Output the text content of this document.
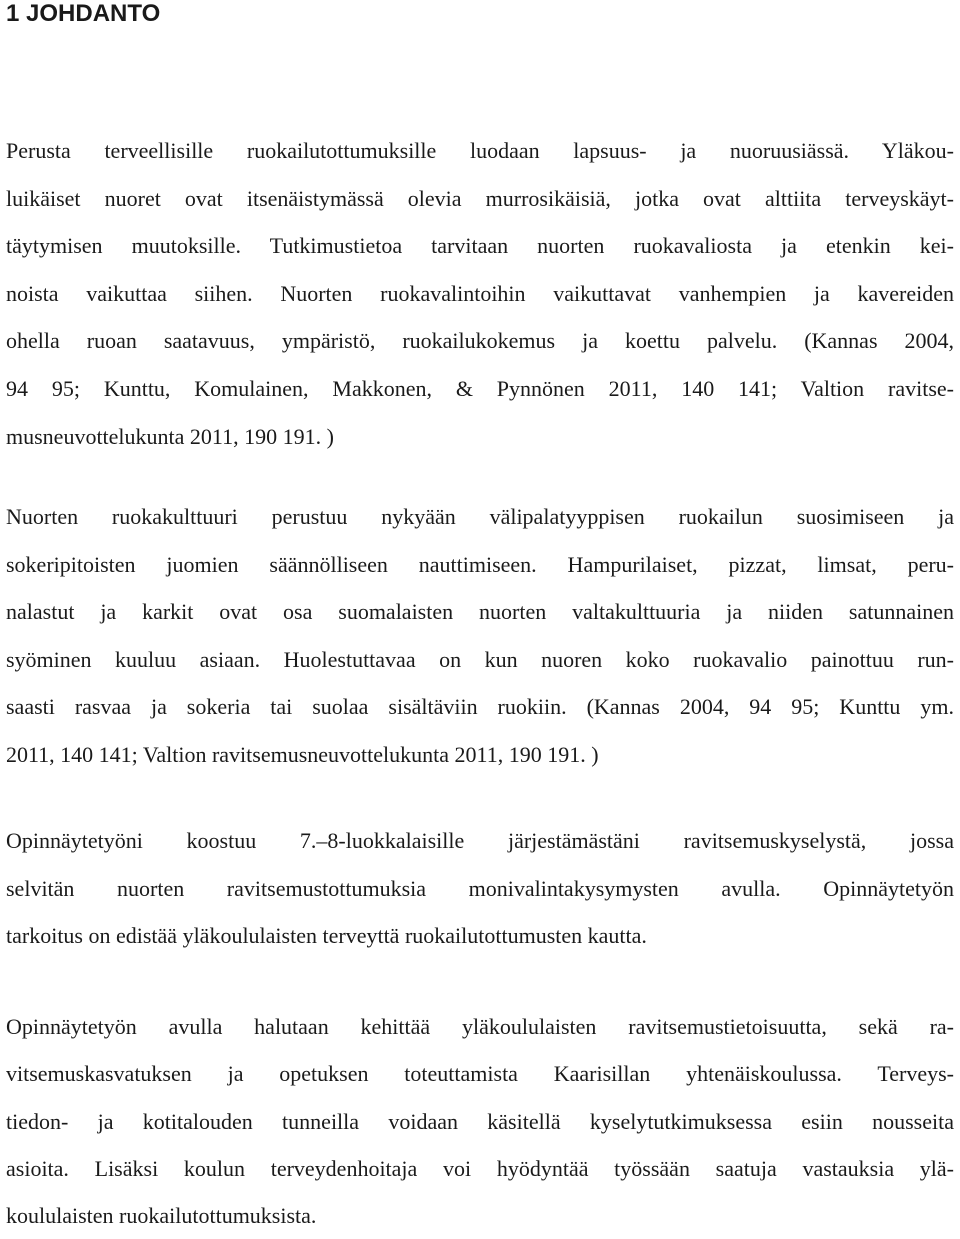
1 JOHDANTO

Perusta terveellisille ruokailutottumuksille luodaan lapsuus- ja nuoruusiässä. Yläkou-
luikäiset nuoret ovat itsenäistymässä olevia murrosikäisiä, jotka ovat alttiita terveyskäyt-
täytymisen muutoksille. Tutkimustietoa tarvitaan nuorten ruokavaliosta ja etenkin kei-
noista vaikuttaa siihen. Nuorten ruokavalintoihin vaikuttavat vanhempien ja kavereiden
ohella ruoan saatavuus, ympäristö, ruokailukokemus ja koettu palvelu. (Kannas 2004,
94 95; Kunttu, Komulainen, Makkonen, & Pynnönen 2011, 140 141; Valtion ravitse-
musneuvottelukunta 2011, 190 191. )

Nuorten ruokakulttuuri perustuu nykyään välipalatyyppisen ruokailun suosimiseen ja
sokeripitoisten juomien säännölliseen nauttimiseen. Hampurilaiset, pizzat, limsat, peru-
nalastut ja karkit ovat osa suomalaisten nuorten valtakulttuuria ja niiden satunnainen
syöminen kuuluu asiaan. Huolestuttavaa on kun nuoren koko ruokavalio painottuu run-
saasti rasvaa ja sokeria tai suolaa sisältäviin ruokiin. (Kannas 2004, 94 95; Kunttu ym.
2011, 140 141; Valtion ravitsemusneuvottelukunta 2011, 190 191. )

Opinnäytetyöni koostuu 7.–8-luokkalaisille järjestämästäni ravitsemuskyselystä, jossa
selvitän nuorten ravitsemustottumuksia monivalintakysymysten avulla. Opinnäytetyön
tarkoitus on edistää yläkoululaisten terveyttä ruokailutottumusten kautta.

Opinnäytetyön avulla halutaan kehittää yläkoululaisten ravitsemustietoisuutta, sekä ra-
vitsemuskasvatuksen ja opetuksen toteuttamista Kaarisillan yhtenäiskoulussa. Terveys-
tiedon- ja kotitalouden tunneilla voidaan käsitellä kyselytutkimuksessa esiin nousseita
asioita. Lisäksi koulun terveydenhoitaja voi hyödyntää työssään saatuja vastauksia ylä-
koululaisten ruokailutottumuksista.
